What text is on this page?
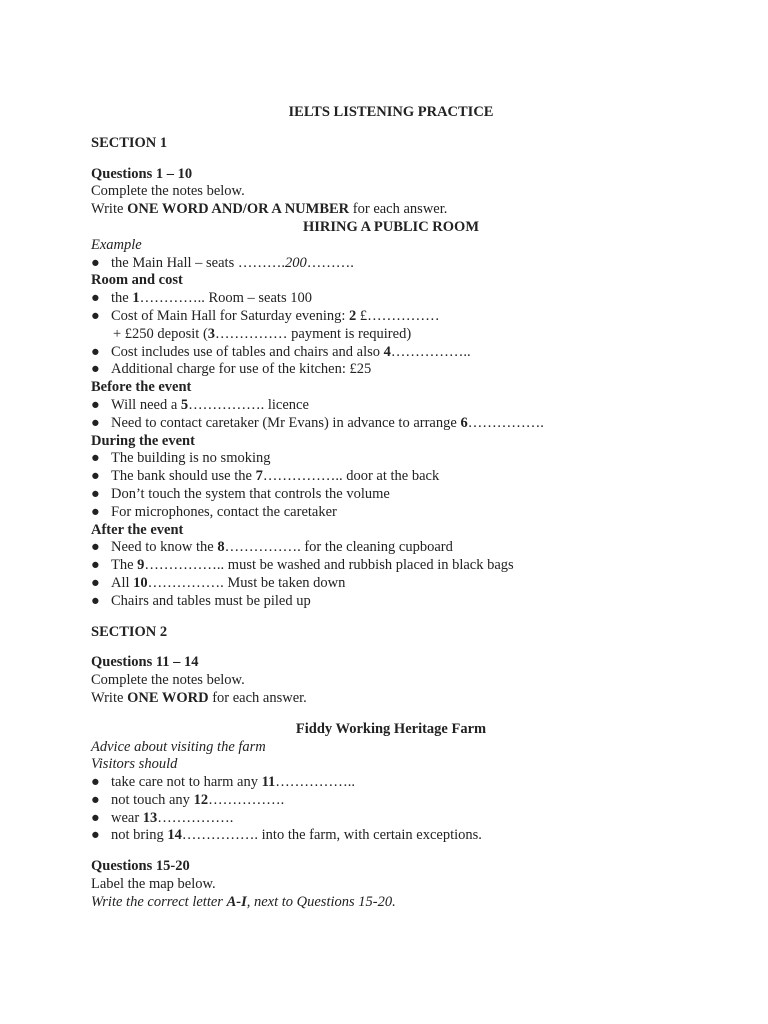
IELTS LISTENING PRACTICE
SECTION 1
Questions 1 – 10
Complete the notes below.
Write ONE WORD AND/OR A NUMBER for each answer.
HIRING A PUBLIC ROOM
Example
● the Main Hall – seats ……….200……….
Room and cost
● the 1………….. Room – seats 100
● Cost of Main Hall for Saturday evening: 2 £……………
+ £250 deposit (3…………… payment is required)
● Cost includes use of tables and chairs and also 4……………..
● Additional charge for use of the kitchen: £25
Before the event
● Will need a 5……………. licence
● Need to contact caretaker (Mr Evans) in advance to arrange 6…………….
During the event
● The building is no smoking
● The bank should use the 7…………….. door at the back
● Don’t touch the system that controls the volume
● For microphones, contact the caretaker
After the event
● Need to know the 8……………. for the cleaning cupboard
● The 9…………….. must be washed and rubbish placed in black bags
● All 10……………. Must be taken down
● Chairs and tables must be piled up
SECTION 2
Questions 11 – 14
Complete the notes below.
Write ONE WORD for each answer.
Fiddy Working Heritage Farm
Advice about visiting the farm
Visitors should
● take care not to harm any 11……………..
● not touch any 12…………….
● wear 13…………….
● not bring 14……………. into the farm, with certain exceptions.
Questions 15-20
Label the map below.
Write the correct letter A-I, next to Questions 15-20.
